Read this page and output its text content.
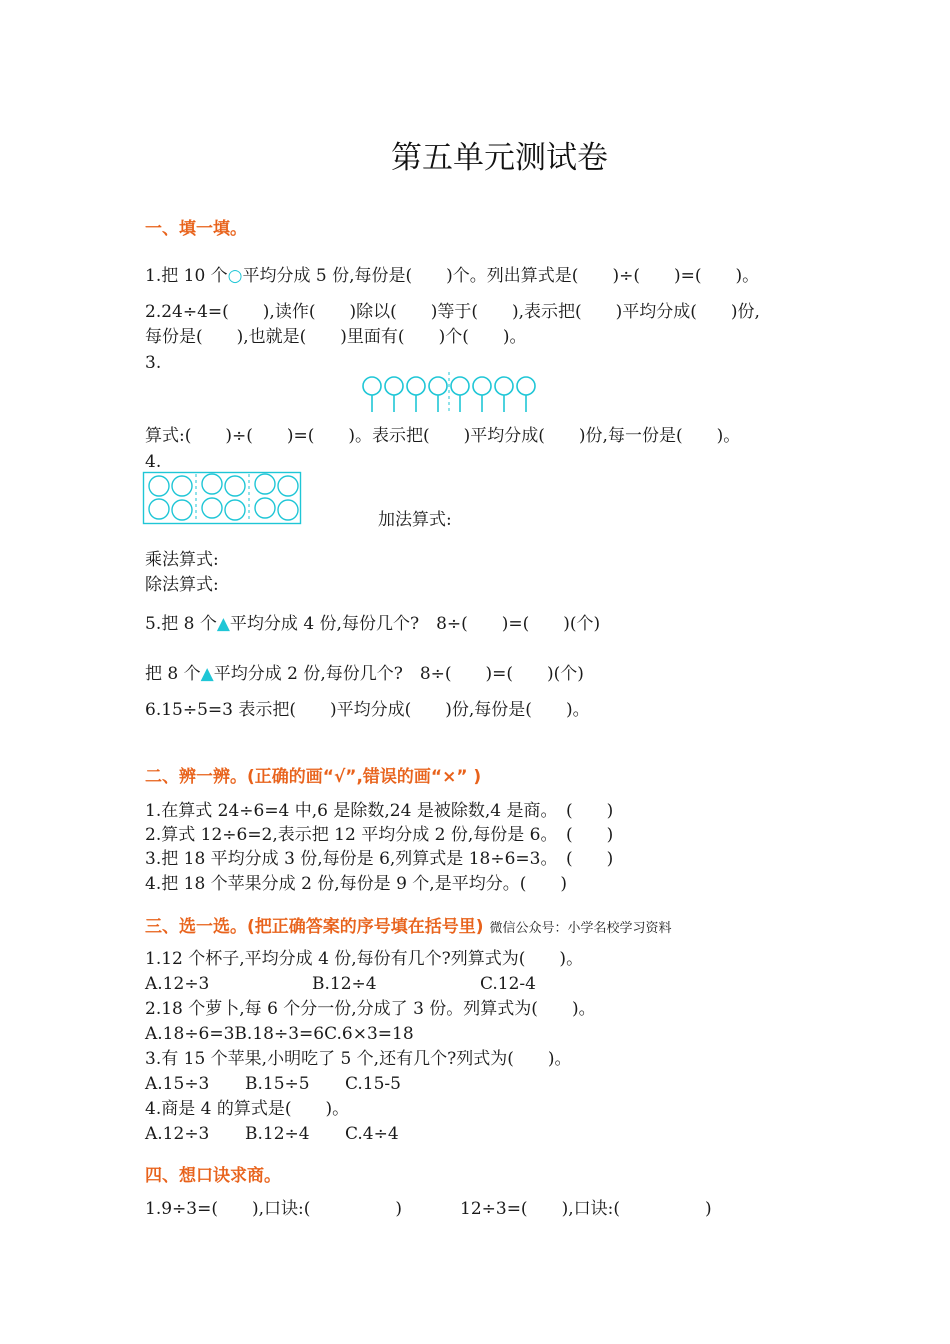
第五单元测试卷
一、填一填。
1.把 10 个○平均分成 5 份,每份是(　　)个。列出算式是(　　)÷(　　)=(　　)。
2.24÷4=(　　),读作(　　)除以(　　)等于(　　),表示把(　　)平均分成(　　)份,
每份是(　　),也就是(　　)里面有(　　)个(　　)。
3.
算式:(　　)÷(　　)=(　　)。表示把(　　)平均分成(　　)份,每一份是(　　)。
4.
加法算式:
乘法算式:
除法算式:
5.把 8 个▲平均分成 4 份,每份几个?　8÷(　　)=(　　)(个)
把 8 个▲平均分成 2 份,每份几个?　8÷(　　)=(　　)(个)
6.15÷5=3 表示把(　　)平均分成(　　)份,每份是(　　)。
二、辨一辨。(正确的画“√”,错误的画“×” )
1.在算式 24÷6=4 中,6 是除数,24 是被除数,4 是商。　(　　)
2.算式 12÷6=2,表示把 12 平均分成 2 份,每份是 6。　(　　)
3.把 18 平均分成 3 份,每份是 6,列算式是 18÷6=3。　(　　)
4.把 18 个苹果分成 2 份,每份是 9 个,是平均分。(　　)
三、选一选。(把正确答案的序号填在括号里) 微信公众号：小学名校学习资料
1.12 个杯子,平均分成 4 份,每份有几个?列算式为(　　)。
A.12÷3	B.12÷4	C.12-4
2.18 个萝卜,每 6 个分一份,分成了 3 份。列算式为(　　)。
A.18÷6=3B.18÷3=6C.6×3=18
3.有 15 个苹果,小明吃了 5 个,还有几个?列式为(　　)。
A.15÷3 B.15÷5 C.15-5
4.商是 4 的算式是(　　)。
A.12÷3 B.12÷4 C.4÷4
四、想口诀求商。
1.9÷3=(　　),口诀:(　　　　　)	12÷3=(　　),口诀:(　　　　　)
